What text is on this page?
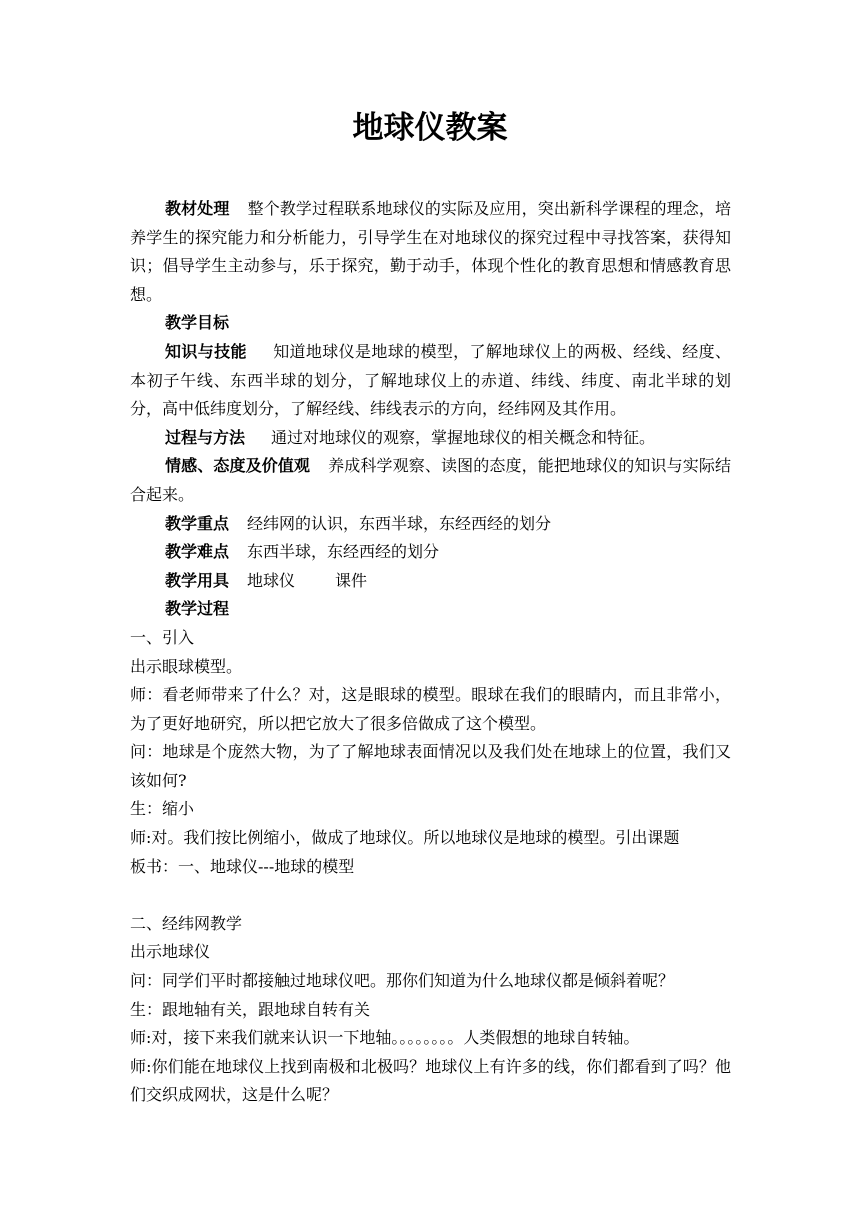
地球仪教案

教材处理 整个教学过程联系地球仪的实际及应用，突出新科学课程的理念，培养学生的探究能力和分析能力，引导学生在对地球仪的探究过程中寻找答案，获得知识；倡导学生主动参与，乐于探究，勤于动手，体现个性化的教育思想和情感教育思想。

教学目标

知识与技能 知道地球仪是地球的模型，了解地球仪上的两极、经线、经度、本初子午线、东西半球的划分，了解地球仪上的赤道、纬线、纬度、南北半球的划分，高中低纬度划分，了解经线、纬线表示的方向，经纬网及其作用。

过程与方法 通过对地球仪的观察，掌握地球仪的相关概念和特征。

情感、态度及价值观 养成科学观察、读图的态度，能把地球仪的知识与实际结合起来。

教学重点 经纬网的认识，东西半球，东经西经的划分

教学难点 东西半球，东经西经的划分

教学用具 地球仪	课件

教学过程

一、引入

出示眼球模型。

师：看老师带来了什么？对，这是眼球的模型。眼球在我们的眼睛内，而且非常小，为了更好地研究，所以把它放大了很多倍做成了这个模型。

问：地球是个庞然大物，为了了解地球表面情况以及我们处在地球上的位置，我们又该如何?

生：缩小

师:对。我们按比例缩小，做成了地球仪。所以地球仪是地球的模型。引出课题

板书：一、地球仪---地球的模型

二、经纬网教学

出示地球仪

问：同学们平时都接触过地球仪吧。那你们知道为什么地球仪都是倾斜着呢？

生：跟地轴有关，跟地球自转有关

师:对，接下来我们就来认识一下地轴。。。。。。。。人类假想的地球自转轴。

师:你们能在地球仪上找到南极和北极吗？地球仪上有许多的线，你们都看到了吗？他们交织成网状，这是什么呢？
